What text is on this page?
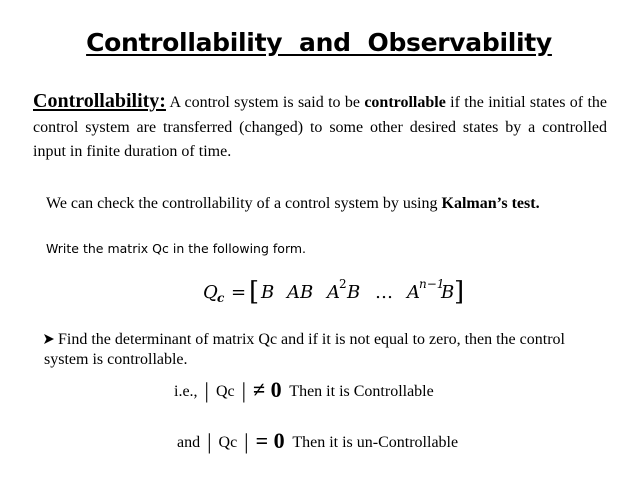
Controllability  and  Observability
Controllability: A control system is said to be controllable if the initial states of the control system are transferred (changed) to some other desired states by a controlled input in finite duration of time.
We can check the controllability of a control system by using Kalman’s test.
Write the matrix Qc in the following form.
Q c = [ B AB A 2 B … A n−1
B ]
Find the determinant of matrix Qc and if it is not equal to zero, then the control system is controllable.
i.e., | Qc | ≠ 0 Then it is Controllable
and | Qc | = 0 Then it is un-Controllable
